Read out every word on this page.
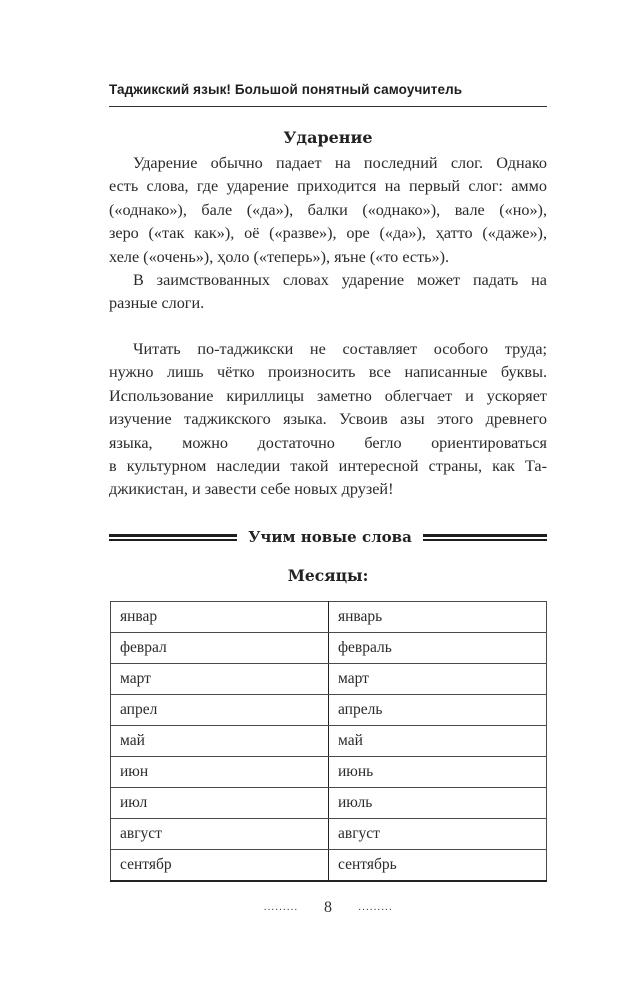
Таджикский язык! Большой понятный самоучитель
Ударение
Ударение обычно падает на последний слог. Однако
есть слова, где ударение приходится на первый слог: аммо
(«однако»), бале («да»), балки («однако»), вале («но»),
зеро («так как»), оё («разве»), оре («да»), ҳатто («даже»),
хеле («очень»), ҳоло («теперь»), яъне («то есть»).
В заимствованных словах ударение может падать на
разные слоги.
Читать по-таджикски не составляет особого труда;
нужно лишь чётко произносить все написанные буквы.
Использование кириллицы заметно облегчает и ускоряет
изучение таджикского языка. Усвоив азы этого древнего
языка, можно достаточно бегло ориентироваться
в культурном наследии такой интересной страны, как Та-
джикистан, и завести себе новых друзей!
Учим новые слова
Месяцы:
январ	январь
феврал	февраль
март	март
апрел	апрель
май	май
июн	июнь
июл	июль
август	август
сентябр	сентябрь
········· 8	·········
